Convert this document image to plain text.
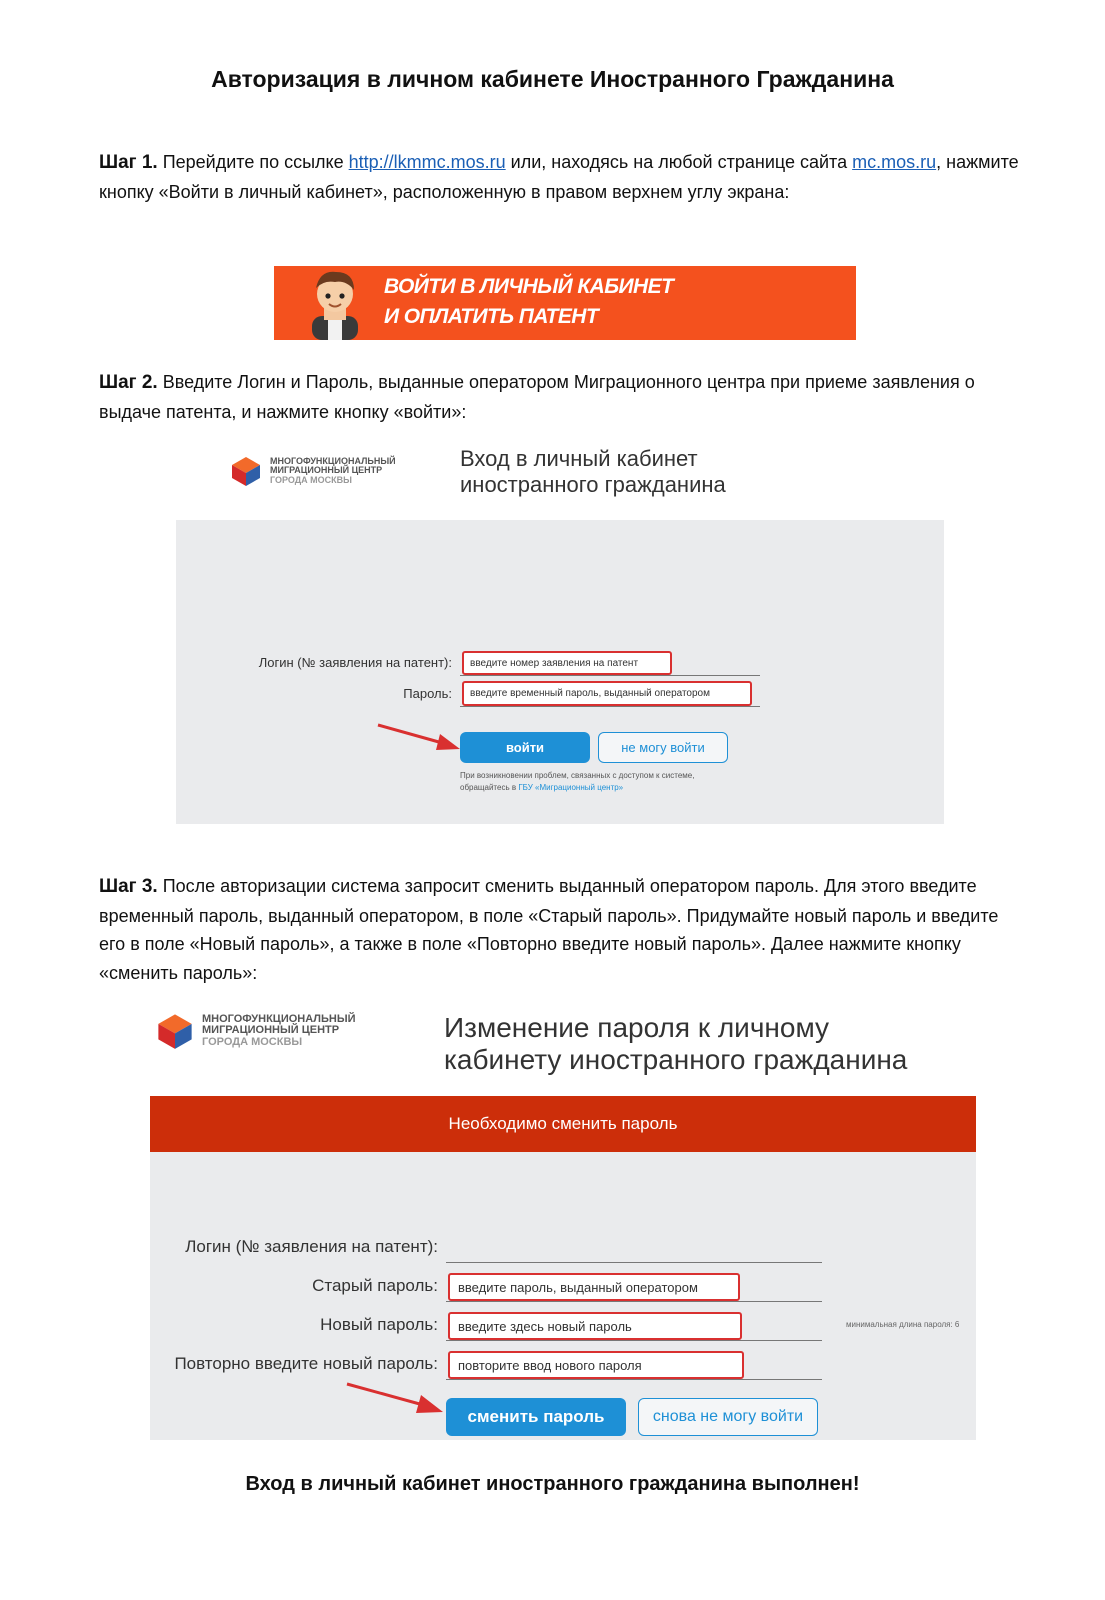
Авторизация в личном кабинете Иностранного Гражданина
Шаг 1. Перейдите по ссылке http://lkmmc.mos.ru или, находясь на любой странице сайта mc.mos.ru, нажмите кнопку «Войти в личный кабинет», расположенную в правом верхнем углу экрана:
ВОЙТИ В ЛИЧНЫЙ КАБИНЕТ
И ОПЛАТИТЬ ПАТЕНТ
Шаг 2. Введите Логин и Пароль, выданные оператором Миграционного центра при приеме заявления о выдаче патента, и нажмите кнопку «войти»:
МНОГОФУНКЦИОНАЛЬНЫЙ
МИГРАЦИОННЫЙ ЦЕНТР
ГОРОДА МОСКВЫ
Вход в личный кабинет
иностранного гражданина
Логин (№ заявления на патент):	введите номер заявления на патент
Пароль:	введите временный пароль, выданный оператором
войти	не могу войти
При возникновении проблем, связанных с доступом к системе,
обращайтесь в ГБУ «Миграционный центр»
Шаг 3. После авторизации система запросит сменить выданный оператором пароль. Для этого введите временный пароль, выданный оператором, в поле «Старый пароль». Придумайте новый пароль и введите его в поле «Новый пароль», а также в поле «Повторно введите новый пароль». Далее нажмите кнопку «сменить пароль»:
МНОГОФУНКЦИОНАЛЬНЫЙ
МИГРАЦИОННЫЙ ЦЕНТР
ГОРОДА МОСКВЫ	Изменение пароля к личному
кабинету иностранного гражданина
Необходимо сменить пароль
Логин (№ заявления на патент):
Старый пароль:	введите пароль, выданный оператором
Новый пароль:	введите здесь новый пароль	минимальная длина пароля: 6
Повторно введите новый пароль:	повторите ввод нового пароля
сменить пароль	снова не могу войти
Вход в личный кабинет иностранного гражданина выполнен!
